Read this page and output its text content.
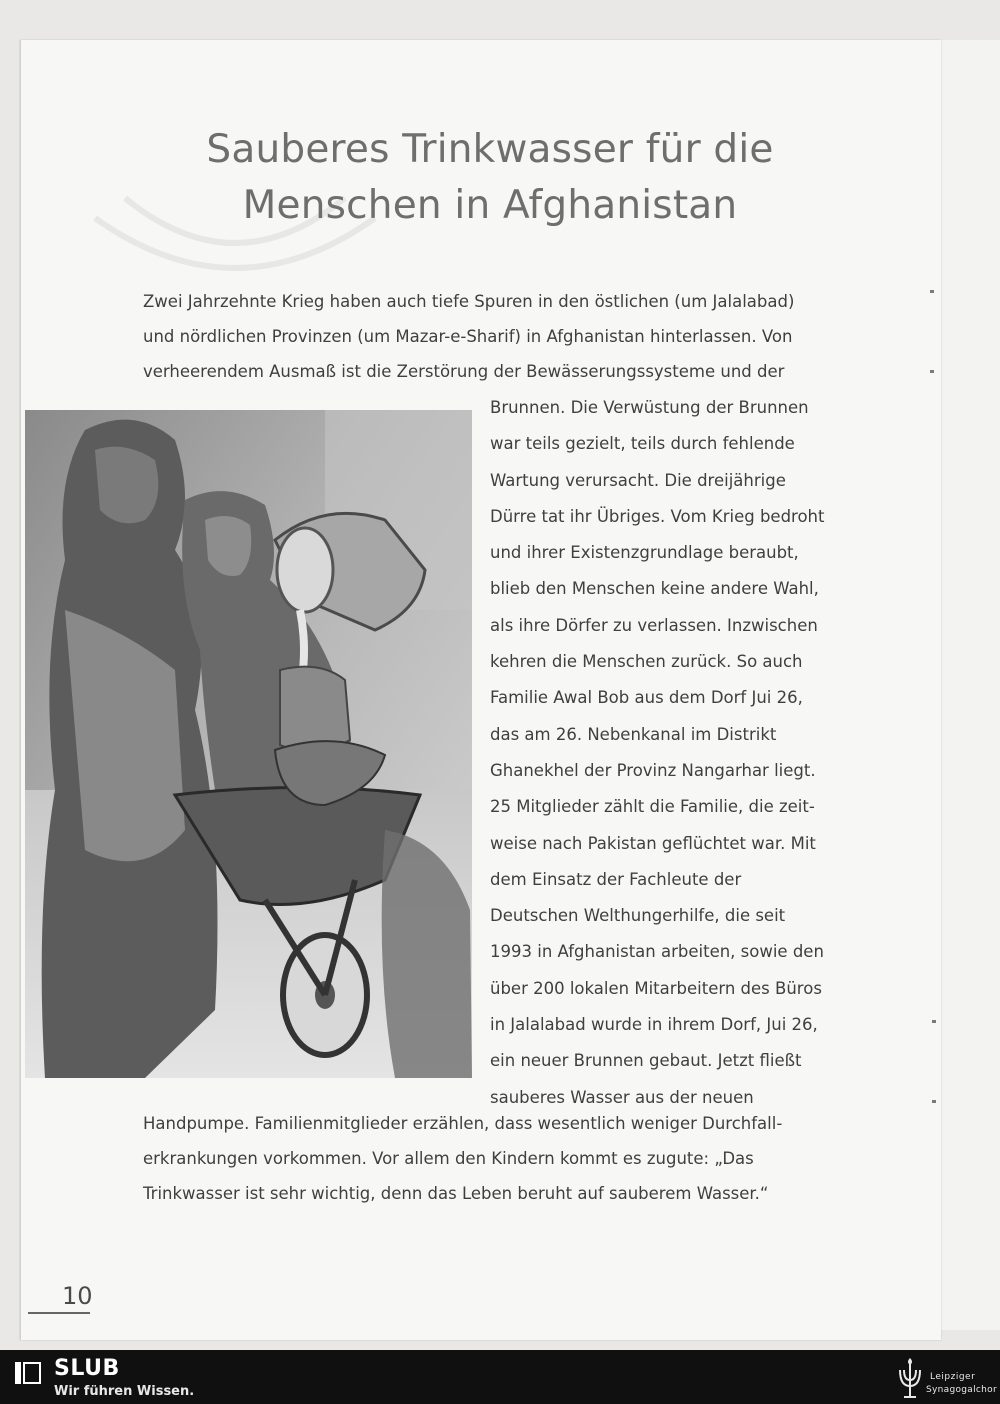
Sauberes Trinkwasser für die
Menschen in Afghanistan
Zwei Jahrzehnte Krieg haben auch tiefe Spuren in den östlichen (um Jalalabad)
und nördlichen Provinzen (um Mazar-e-Sharif) in Afghanistan hinterlassen. Von
verheerendem Ausmaß ist die Zerstörung der Bewässerungssysteme und der
Brunnen. Die Verwüstung der Brunnen
war teils gezielt, teils durch fehlende
Wartung verursacht. Die dreijährige
Dürre tat ihr Übriges. Vom Krieg bedroht
und ihrer Existenzgrundlage beraubt,
blieb den Menschen keine andere Wahl,
als ihre Dörfer zu verlassen. Inzwischen
kehren die Menschen zurück. So auch
Familie Awal Bob aus dem Dorf Jui 26,
das am 26. Nebenkanal im Distrikt
Ghanekhel der Provinz Nangarhar liegt.
25 Mitglieder zählt die Familie, die zeit-
weise nach Pakistan geflüchtet war. Mit
dem Einsatz der Fachleute der
Deutschen Welthungerhilfe, die seit
1993 in Afghanistan arbeiten, sowie den
über 200 lokalen Mitarbeitern des Büros
in Jalalabad wurde in ihrem Dorf, Jui 26,
ein neuer Brunnen gebaut. Jetzt fließt
sauberes Wasser aus der neuen
Handpumpe. Familienmitglieder erzählen, dass wesentlich weniger Durchfall-
erkrankungen vorkommen. Vor allem den Kindern kommt es zugute: „Das
Trinkwasser ist sehr wichtig, denn das Leben beruht auf sauberem Wasser.“
10
SLUB
Wir führen Wissen.
Leipziger
Synagogalchor
